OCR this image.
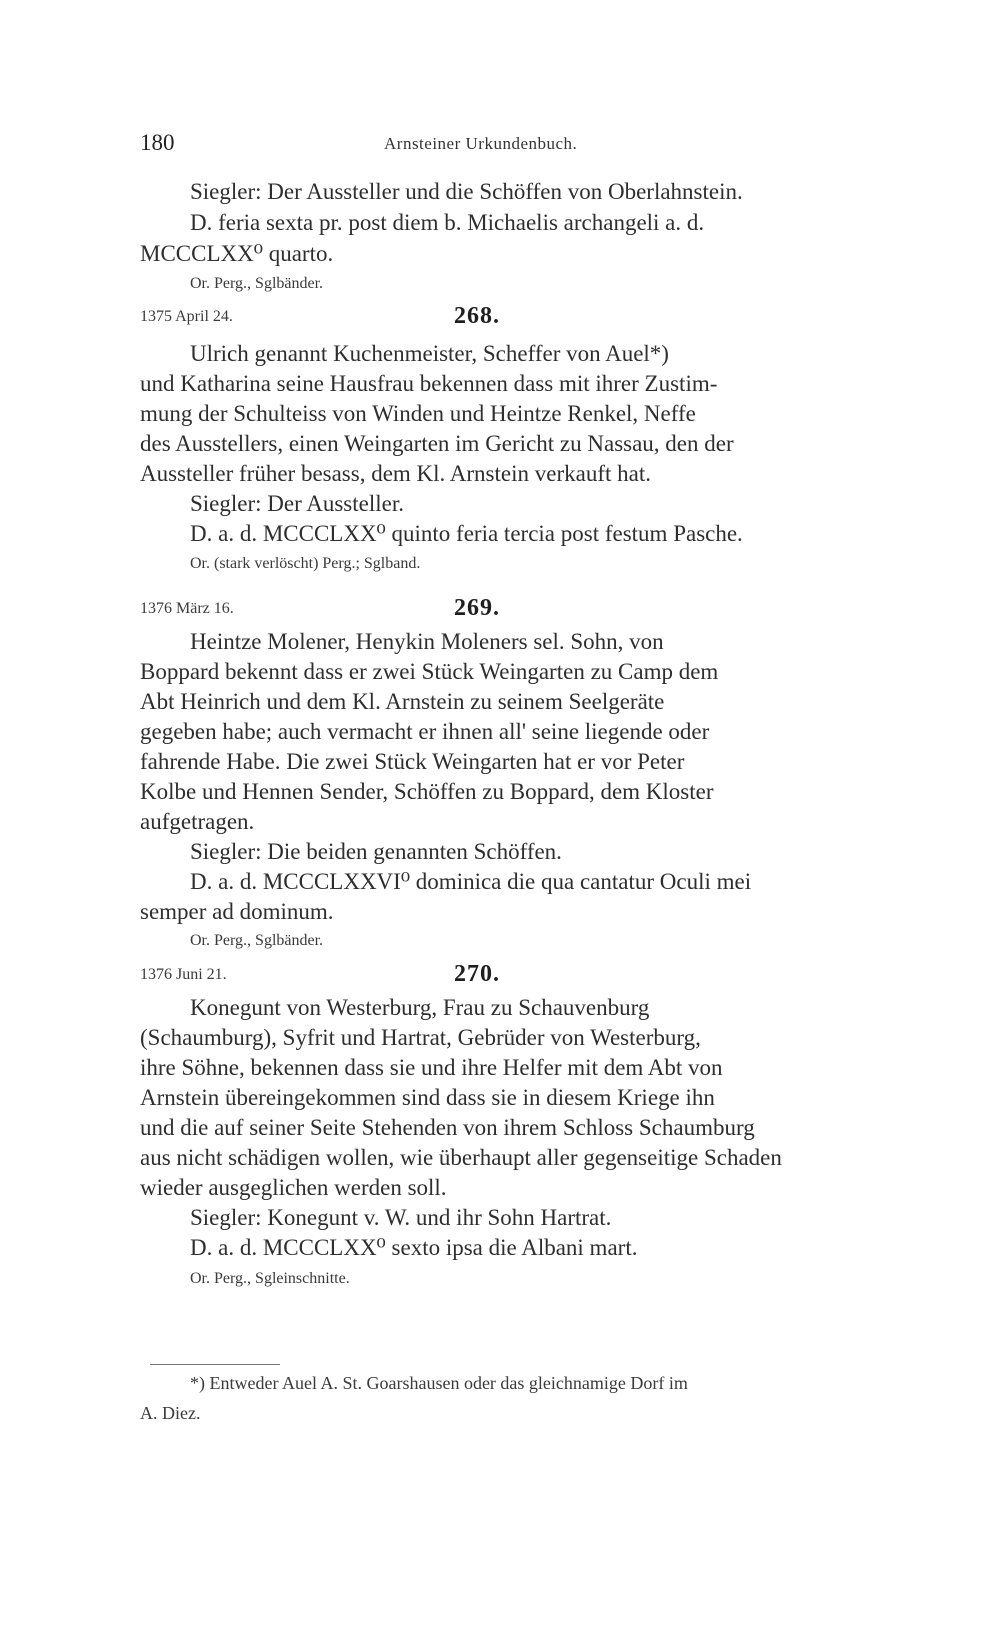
180	Arnsteiner Urkundenbuch.
Siegler: Der Aussteller und die Schöffen von Oberlahnstein.
D. feria sexta pr. post diem b. Michaelis archangeli a. d.
MCCCLXX⁰ quarto.
Or. Perg., Sglbänder.
1375 April 24.	268.
Ulrich genannt Kuchenmeister, Scheffer von Auel*)
und Katharina seine Hausfrau bekennen dass mit ihrer Zustim-
mung der Schulteiss von Winden und Heintze Renkel, Neffe
des Ausstellers, einen Weingarten im Gericht zu Nassau, den der
Aussteller früher besass, dem Kl. Arnstein verkauft hat.
Siegler: Der Aussteller.
D. a. d. MCCCLXX⁰ quinto feria tercia post festum Pasche.
Or. (stark verlöscht) Perg.; Sglband.
1376 März 16.	269.
Heintze Molener, Henykin Moleners sel. Sohn, von
Boppard bekennt dass er zwei Stück Weingarten zu Camp dem
Abt Heinrich und dem Kl. Arnstein zu seinem Seelgeräte
gegeben habe; auch vermacht er ihnen all' seine liegende oder
fahrende Habe. Die zwei Stück Weingarten hat er vor Peter
Kolbe und Hennen Sender, Schöffen zu Boppard, dem Kloster
aufgetragen.
Siegler: Die beiden genannten Schöffen.
D. a. d. MCCCLXXVI⁰ dominica die qua cantatur Oculi mei
semper ad dominum.
Or. Perg., Sglbänder.
1376 Juni 21.	270.
Konegunt von Westerburg, Frau zu Schauvenburg
(Schaumburg), Syfrit und Hartrat, Gebrüder von Westerburg,
ihre Söhne, bekennen dass sie und ihre Helfer mit dem Abt von
Arnstein übereingekommen sind dass sie in diesem Kriege ihn
und die auf seiner Seite Stehenden von ihrem Schloss Schaumburg
aus nicht schädigen wollen, wie überhaupt aller gegenseitige Schaden
wieder ausgeglichen werden soll.
Siegler: Konegunt v. W. und ihr Sohn Hartrat.
D. a. d. MCCCLXX⁰ sexto ipsa die Albani mart.
Or. Perg., Sgleinschnitte.
*) Entweder Auel A. St. Goarshausen oder das gleichnamige Dorf im
A. Diez.
